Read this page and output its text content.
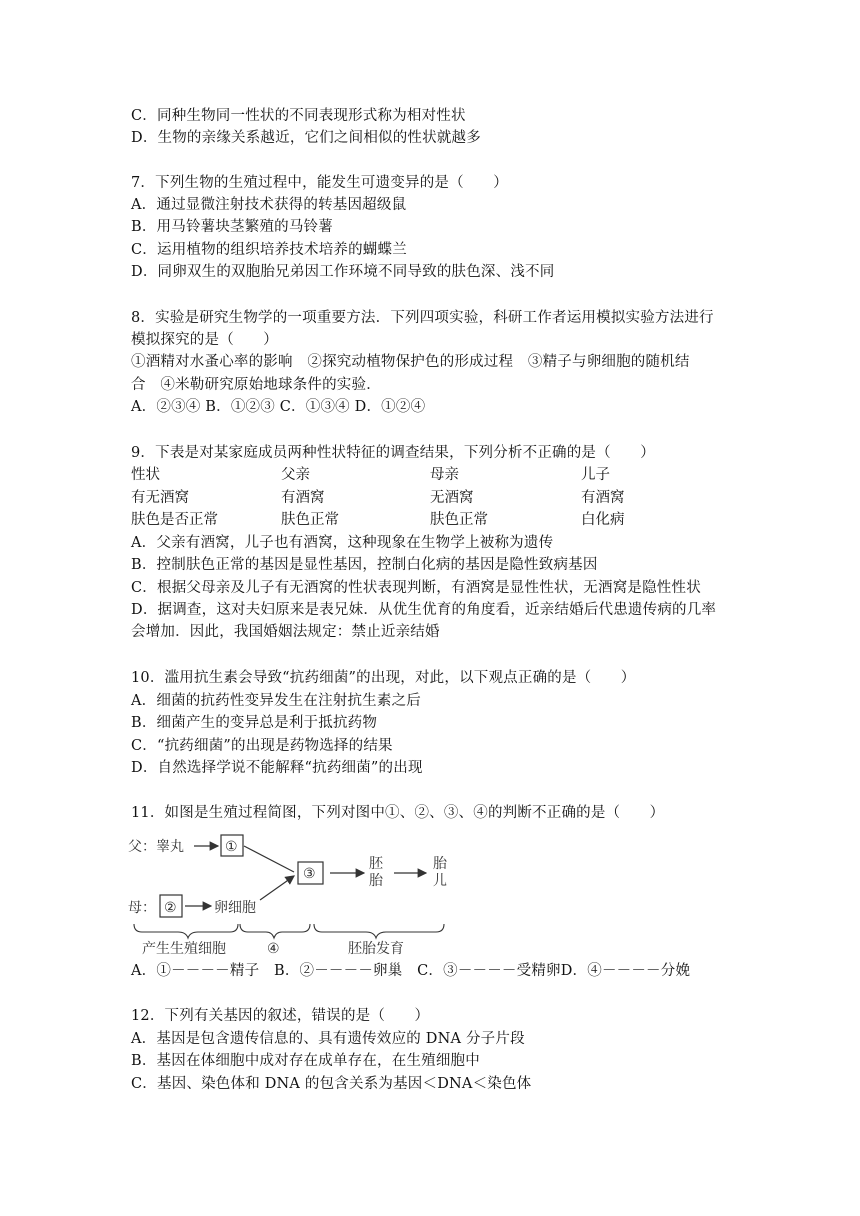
C．同种生物同一性状的不同表现形式称为相对性状
D．生物的亲缘关系越近，它们之间相似的性状就越多
7．下列生物的生殖过程中，能发生可遗变异的是（　　）
A．通过显微注射技术获得的转基因超级鼠
B．用马铃薯块茎繁殖的马铃薯
C．运用植物的组织培养技术培养的蝴蝶兰
D．同卵双生的双胞胎兄弟因工作环境不同导致的肤色深、浅不同
8．实验是研究生物学的一项重要方法．下列四项实验，科研工作者运用模拟实验方法进行
模拟探究的是（　　）
①酒精对水蚤心率的影响　②探究动植物保护色的形成过程　③精子与卵细胞的随机结
合　④米勒研究原始地球条件的实验．
A．②③④ B．①②③ C．①③④ D．①②④
9．下表是对某家庭成员两种性状特征的调查结果，下列分析不正确的是（　　）
性状	父亲	母亲	儿子
有无酒窝	有酒窝	无酒窝	有酒窝
肤色是否正常	肤色正常	肤色正常	白化病
A．父亲有酒窝，儿子也有酒窝，这种现象在生物学上被称为遗传
B．控制肤色正常的基因是显性基因，控制白化病的基因是隐性致病基因
C．根据父母亲及儿子有无酒窝的性状表现判断，有酒窝是显性性状，无酒窝是隐性性状
D．据调查，这对夫妇原来是表兄妹．从优生优育的角度看，近亲结婚后代患遗传病的几率
会增加．因此，我国婚姻法规定：禁止近亲结婚
10．滥用抗生素会导致“抗药细菌”的出现，对此，以下观点正确的是（　　）
A．细菌的抗药性变异发生在注射抗生素之后
B．细菌产生的变异总是利于抵抗药物
C．“抗药细菌”的出现是药物选择的结果
D．自然选择学说不能解释“抗药细菌”的出现
11．如图是生殖过程简图，下列对图中①、②、③、④的判断不正确的是（　　）
父：睾丸	①
母： ②	卵细胞
③
胚
胎
胎
儿
产生生殖细胞	④	胚胎发育
A．①－－－－精子　B．②－－－－卵巢　C．③－－－－受精卵D．④－－－－分娩
12．下列有关基因的叙述，错误的是（　　）
A．基因是包含遗传信息的、具有遗传效应的 DNA 分子片段
B．基因在体细胞中成对存在成单存在，在生殖细胞中
C．基因、染色体和 DNA 的包含关系为基因＜DNA＜染色体
